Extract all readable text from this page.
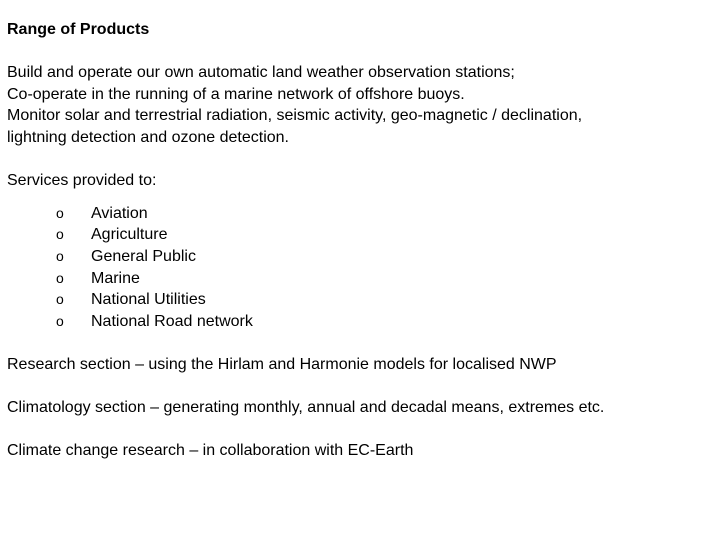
Range of Products
Build and operate our own automatic land weather observation stations;
Co-operate in the running of a marine network of offshore buoys.
Monitor solar and terrestrial radiation, seismic activity, geo-magnetic / declination,
lightning detection and ozone detection.
Services provided to:
o Aviation
o Agriculture
o General Public
o Marine
o National Utilities
o National Road network
Research section – using the Hirlam and Harmonie models for localised NWP
Climatology section – generating monthly, annual and decadal means, extremes etc.
Climate change research – in collaboration with EC-Earth
